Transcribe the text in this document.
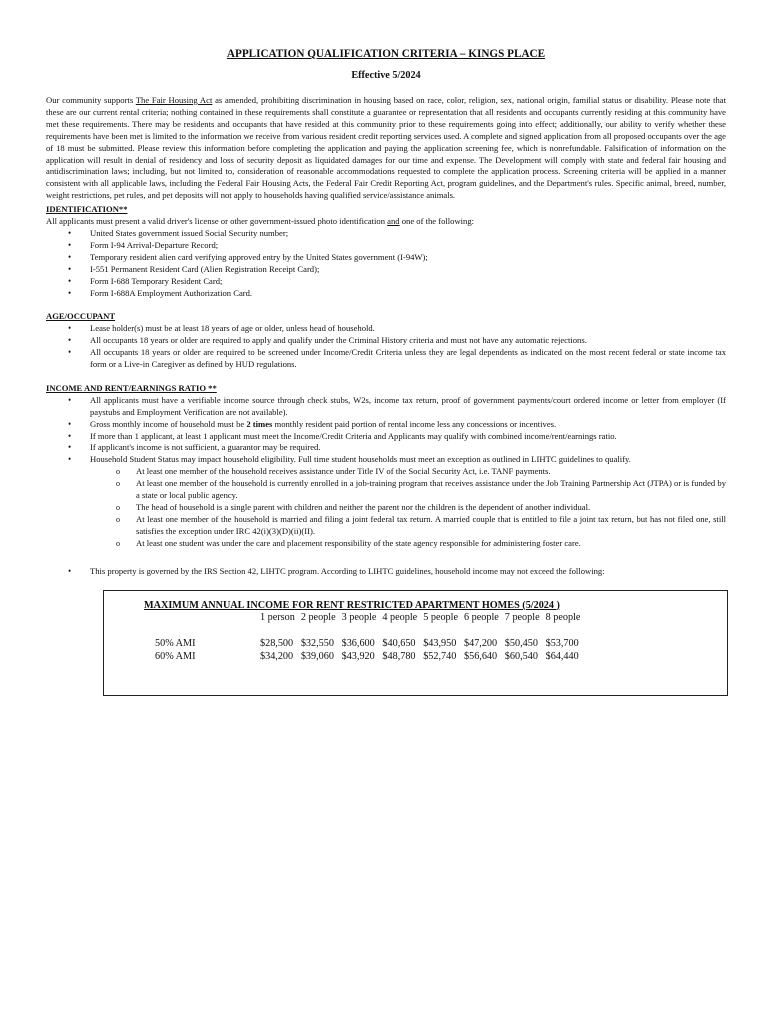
APPLICATION QUALIFICATION CRITERIA – KINGS PLACE
Effective 5/2024

Our community supports The Fair Housing Act as amended, prohibiting discrimination in housing based on race, color, religion, sex, national origin, familial status or disability. Please note that these are our current rental criteria; nothing contained in these requirements shall constitute a guarantee or representation that all residents and occupants currently residing at this community have met these requirements. There may be residents and occupants that have resided at this community prior to these requirements going into effect; additionally, our ability to verify whether these requirements have been met is limited to the information we receive from various resident credit reporting services used. A complete and signed application from all proposed occupants over the age of 18 must be submitted. Please review this information before completing the application and paying the application screening fee, which is nonrefundable. Falsification of information on the application will result in denial of residency and loss of security deposit as liquidated damages for our time and expense. The Development will comply with state and federal fair housing and antidiscrimination laws; including, but not limited to, consideration of reasonable accommodations requested to complete the application process. Screening criteria will be applied in a manner consistent with all applicable laws, including the Federal Fair Housing Acts, the Federal Fair Credit Reporting Act, program guidelines, and the Department's rules. Specific animal, breed, number, weight restrictions, pet rules, and pet deposits will not apply to households having qualified service/assistance animals.

IDENTIFICATION**
All applicants must present a valid driver's license or other government-issued photo identification and one of the following:
• United States government issued Social Security number;
• Form I-94 Arrival-Departure Record;
• Temporary resident alien card verifying approved entry by the United States government (I-94W);
• I-551 Permanent Resident Card (Alien Registration Receipt Card);
• Form I-688 Temporary Resident Card;
• Form I-688A Employment Authorization Card.
AGE/OCCUPANT
• Lease holder(s) must be at least 18 years of age or older, unless head of household.
• All occupants 18 years or older are required to apply and qualify under the Criminal History criteria and must not have any automatic rejections.
• All occupants 18 years or older are required to be screened under Income/Credit Criteria unless they are legal dependents as indicated on the most recent federal or state income tax form or a Live-in Caregiver as defined by HUD regulations.
INCOME AND RENT/EARNINGS RATIO **
• All applicants must have a verifiable income source through check stubs, W2s, income tax return, proof of government payments/court ordered income or letter from employer (If paystubs and Employment Verification are not available).
• Gross monthly income of household must be 2 times monthly resident paid portion of rental income less any concessions or incentives.
• If more than 1 applicant, at least 1 applicant must meet the Income/Credit Criteria and Applicants may qualify with combined income/rent/earnings ratio.
• If applicant's income is not sufficient, a guarantor may be required.
• Household Student Status may impact household eligibility. Full time student households must meet an exception as outlined in LIHTC guidelines to qualify.
o At least one member of the household receives assistance under Title IV of the Social Security Act, i.e. TANF payments.
o At least one member of the household is currently enrolled in a job-training program that receives assistance under the Job Training Partnership Act (JTPA) or is funded by a state or local public agency.
o The head of household is a single parent with children and neither the parent nor the children is the dependent of another individual.
o At least one member of the household is married and filing a joint federal tax return. A married couple that is entitled to file a joint tax return, but has not filed one, still satisfies the exception under IRC 42(i)(3)(D)(ii)(II).
o At least one student was under the care and placement responsibility of the state agency responsible for administering foster care.
• This property is governed by the IRS Section 42, LIHTC program. According to LIHTC guidelines, household income may not exceed the following:
MAXIMUM ANNUAL INCOME FOR RENT RESTRICTED APARTMENT HOMES (5/2024 )
	1 person	2 people	3 people	4 people	5 people	6 people	7 people	8 people
50% AMI	$28,500	$32,550	$36,600	$40,650	$43,950	$47,200	$50,450	$53,700
60% AMI	$34,200	$39,060	$43,920	$48,780	$52,740	$56,640	$60,540	$64,440
